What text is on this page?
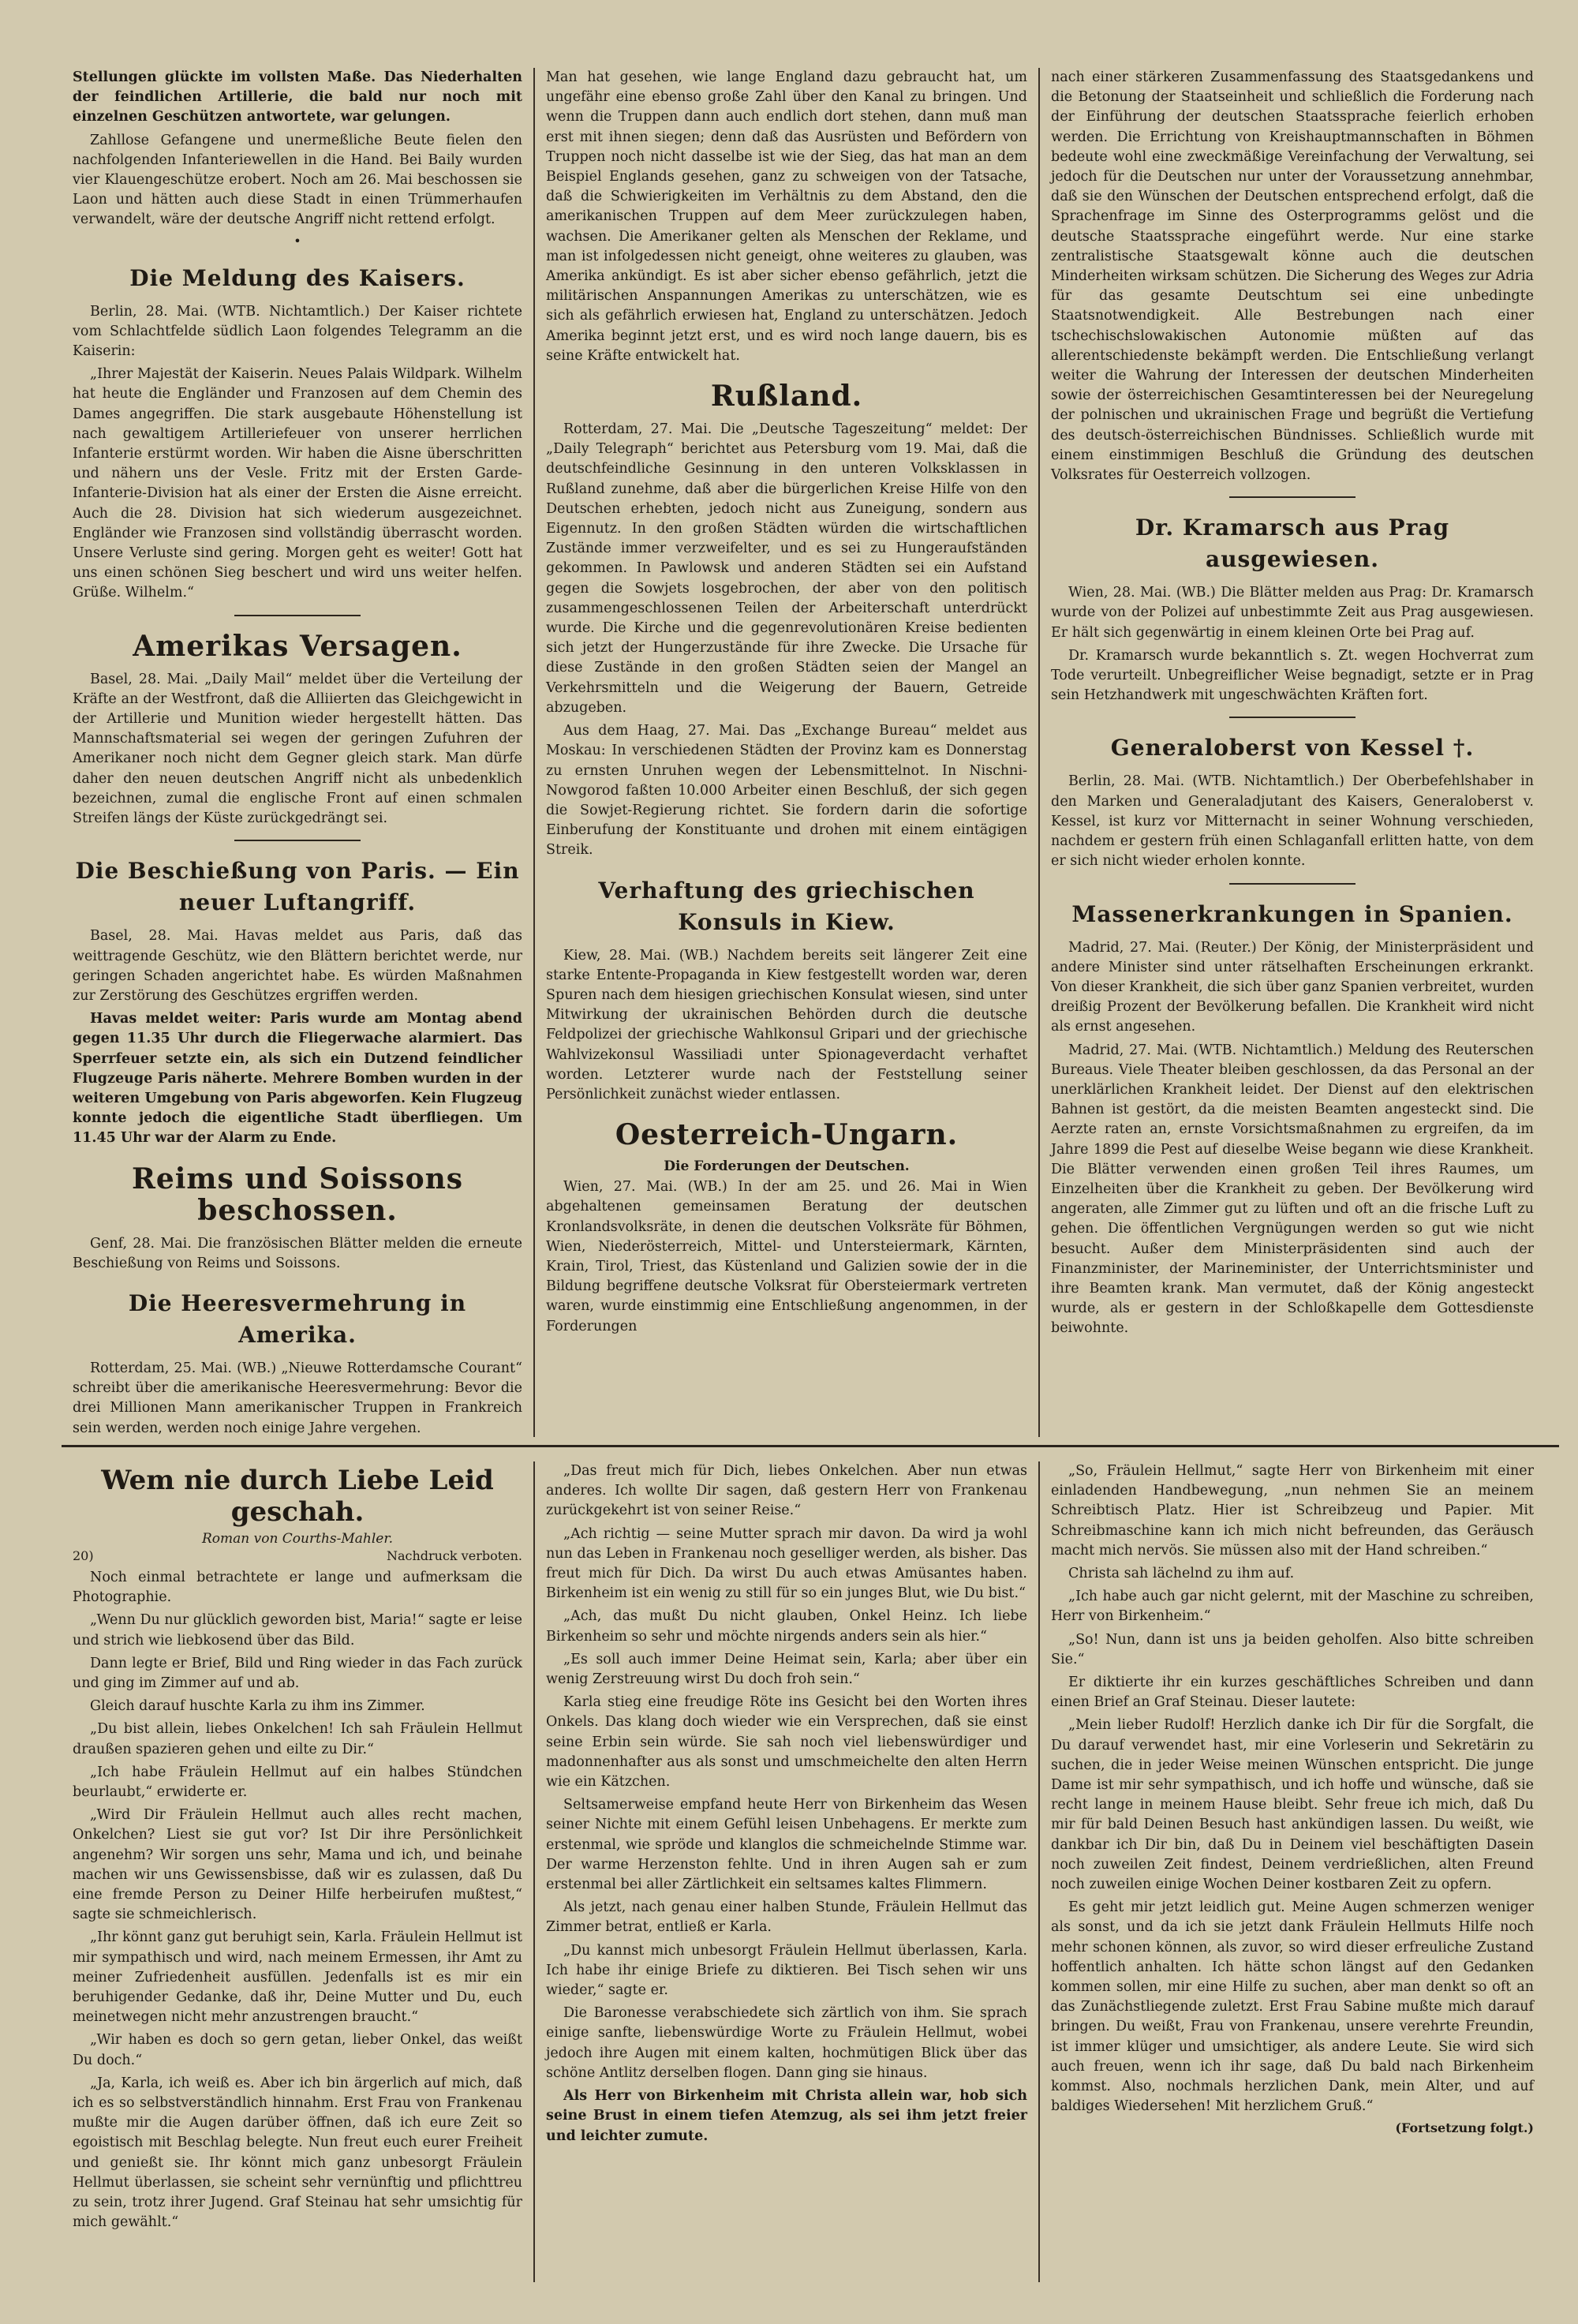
Stellungen glückte im vollsten Maße. Das Niederhalten der feindlichen Artillerie, die bald nur noch mit einzelnen Geschützen antwortete, war gelungen.

Zahllose Gefangene und unermeßliche Beute fielen den nachfolgenden Infanteriewellen in die Hand. Bei Baily wurden vier Klauengeschütze erobert. Noch am 26. Mai beschossen sie Laon und hätten auch diese Stadt in einen Trümmerhaufen verwandelt, wäre der deutsche Angriff nicht rettend erfolgt.

•
Die Meldung des Kaisers.

Berlin, 28. Mai. (WTB. Nichtamtlich.) Der Kaiser richtete vom Schlachtfelde südlich Laon folgendes Telegramm an die Kaiserin:

„Ihrer Majestät der Kaiserin. Neues Palais Wildpark. Wilhelm hat heute die Engländer und Franzosen auf dem Chemin des Dames angegriffen. Die stark ausgebaute Höhenstellung ist nach gewaltigem Artilleriefeuer von unserer herrlichen Infanterie erstürmt worden. Wir haben die Aisne überschritten und nähern uns der Vesle. Fritz mit der Ersten Garde-Infanterie-Division hat als einer der Ersten die Aisne erreicht. Auch die 28. Division hat sich wiederum ausgezeichnet. Engländer wie Franzosen sind vollständig überrascht worden. Unsere Verluste sind gering. Morgen geht es weiter! Gott hat uns einen schönen Sieg beschert und wird uns weiter helfen. Grüße. Wilhelm.“

Amerikas Versagen.

Basel, 28. Mai. „Daily Mail“ meldet über die Verteilung der Kräfte an der Westfront, daß die Alliierten das Gleichgewicht in der Artillerie und Munition wieder hergestellt hätten. Das Mannschaftsmaterial sei wegen der geringen Zufuhren der Amerikaner noch nicht dem Gegner gleich stark. Man dürfe daher den neuen deutschen Angriff nicht als unbedenklich bezeichnen, zumal die englische Front auf einen schmalen Streifen längs der Küste zurückgedrängt sei.

Die Beschießung von Paris. — Ein neuer Luftangriff.

Basel, 28. Mai. Havas meldet aus Paris, daß das weittragende Geschütz, wie den Blättern berichtet werde, nur geringen Schaden angerichtet habe. Es würden Maßnahmen zur Zerstörung des Geschützes ergriffen werden.

Havas meldet weiter: Paris wurde am Montag abend gegen 11.35 Uhr durch die Fliegerwache alarmiert. Das Sperrfeuer setzte ein, als sich ein Dutzend feindlicher Flugzeuge Paris näherte. Mehrere Bomben wurden in der weiteren Umgebung von Paris abgeworfen. Kein Flugzeug konnte jedoch die eigentliche Stadt überfliegen. Um 11.45 Uhr war der Alarm zu Ende.

Reims und Soissons beschossen.

Genf, 28. Mai. Die französischen Blätter melden die erneute Beschießung von Reims und Soissons.

Die Heeresvermehrung in Amerika.

Rotterdam, 25. Mai. (WB.) „Nieuwe Rotterdamsche Courant“ schreibt über die amerikanische Heeresvermehrung: Bevor die drei Millionen Mann amerikanischer Truppen in Frankreich sein werden, werden noch einige Jahre vergehen.

Man hat gesehen, wie lange England dazu gebraucht hat, um ungefähr eine ebenso große Zahl über den Kanal zu bringen. Und wenn die Truppen dann auch endlich dort stehen, dann muß man erst mit ihnen siegen; denn daß das Ausrüsten und Befördern von Truppen noch nicht dasselbe ist wie der Sieg, das hat man an dem Beispiel Englands gesehen, ganz zu schweigen von der Tatsache, daß die Schwierigkeiten im Verhältnis zu dem Abstand, den die amerikanischen Truppen auf dem Meer zurückzulegen haben, wachsen. Die Amerikaner gelten als Menschen der Reklame, und man ist infolgedessen nicht geneigt, ohne weiteres zu glauben, was Amerika ankündigt. Es ist aber sicher ebenso gefährlich, jetzt die militärischen Anspannungen Amerikas zu unterschätzen, wie es sich als gefährlich erwiesen hat, England zu unterschätzen. Jedoch Amerika beginnt jetzt erst, und es wird noch lange dauern, bis es seine Kräfte entwickelt hat.

Rußland.

Rotterdam, 27. Mai. Die „Deutsche Tageszeitung“ meldet: Der „Daily Telegraph“ berichtet aus Petersburg vom 19. Mai, daß die deutschfeindliche Gesinnung in den unteren Volksklassen in Rußland zunehme, daß aber die bürgerlichen Kreise Hilfe von den Deutschen erhebten, jedoch nicht aus Zuneigung, sondern aus Eigennutz. In den großen Städten würden die wirtschaftlichen Zustände immer verzweifelter, und es sei zu Hungeraufständen gekommen. In Pawlowsk und anderen Städten sei ein Aufstand gegen die Sowjets losgebrochen, der aber von den politisch zusammengeschlossenen Teilen der Arbeiterschaft unterdrückt wurde. Die Kirche und die gegenrevolutionären Kreise bedienten sich jetzt der Hungerzustände für ihre Zwecke. Die Ursache für diese Zustände in den großen Städten seien der Mangel an Verkehrsmitteln und die Weigerung der Bauern, Getreide abzugeben.

Aus dem Haag, 27. Mai. Das „Exchange Bureau“ meldet aus Moskau: In verschiedenen Städten der Provinz kam es Donnerstag zu ernsten Unruhen wegen der Lebensmittelnot. In Nischni-Nowgorod faßten 10.000 Arbeiter einen Beschluß, der sich gegen die Sowjet-Regierung richtet. Sie fordern darin die sofortige Einberufung der Konstituante und drohen mit einem eintägigen Streik.

Verhaftung des griechischen Konsuls in Kiew.

Kiew, 28. Mai. (WB.) Nachdem bereits seit längerer Zeit eine starke Entente-Propaganda in Kiew festgestellt worden war, deren Spuren nach dem hiesigen griechischen Konsulat wiesen, sind unter Mitwirkung der ukrainischen Behörden durch die deutsche Feldpolizei der griechische Wahlkonsul Gripari und der griechische Wahlvizekonsul Wassiliadi unter Spionageverdacht verhaftet worden. Letzterer wurde nach der Feststellung seiner Persönlichkeit zunächst wieder entlassen.

Oesterreich-Ungarn.
Die Forderungen der Deutschen.

Wien, 27. Mai. (WB.) In der am 25. und 26. Mai in Wien abgehaltenen gemeinsamen Beratung der deutschen Kronlandsvolksräte, in denen die deutschen Volksräte für Böhmen, Wien, Niederösterreich, Mittel- und Untersteiermark, Kärnten, Krain, Tirol, Triest, das Küstenland und Galizien sowie der in die Bildung begriffene deutsche Volksrat für Obersteiermark vertreten waren, wurde einstimmig eine Entschließung angenommen, in der Forderungen

nach einer stärkeren Zusammenfassung des Staatsgedankens und die Betonung der Staatseinheit und schließlich die Forderung nach der Einführung der deutschen Staatssprache feierlich erhoben werden. Die Errichtung von Kreishauptmannschaften in Böhmen bedeute wohl eine zweckmäßige Vereinfachung der Verwaltung, sei jedoch für die Deutschen nur unter der Voraussetzung annehmbar, daß sie den Wünschen der Deutschen entsprechend erfolgt, daß die Sprachenfrage im Sinne des Osterprogramms gelöst und die deutsche Staatssprache eingeführt werde. Nur eine starke zentralistische Staatsgewalt könne auch die deutschen Minderheiten wirksam schützen. Die Sicherung des Weges zur Adria für das gesamte Deutschtum sei eine unbedingte Staatsnotwendigkeit. Alle Bestrebungen nach einer tschechischslowakischen Autonomie müßten auf das allerentschiedenste bekämpft werden. Die Entschließung verlangt weiter die Wahrung der Interessen der deutschen Minderheiten sowie der österreichischen Gesamtinteressen bei der Neuregelung der polnischen und ukrainischen Frage und begrüßt die Vertiefung des deutsch-österreichischen Bündnisses. Schließlich wurde mit einem einstimmigen Beschluß die Gründung des deutschen Volksrates für Oesterreich vollzogen.

Dr. Kramarsch aus Prag ausgewiesen.

Wien, 28. Mai. (WB.) Die Blätter melden aus Prag: Dr. Kramarsch wurde von der Polizei auf unbestimmte Zeit aus Prag ausgewiesen. Er hält sich gegenwärtig in einem kleinen Orte bei Prag auf.

Dr. Kramarsch wurde bekanntlich s. Zt. wegen Hochverrat zum Tode verurteilt. Unbegreiflicher Weise begnadigt, setzte er in Prag sein Hetzhandwerk mit ungeschwächten Kräften fort.

Generaloberst von Kessel †.

Berlin, 28. Mai. (WTB. Nichtamtlich.) Der Oberbefehlshaber in den Marken und Generaladjutant des Kaisers, Generaloberst v. Kessel, ist kurz vor Mitternacht in seiner Wohnung verschieden, nachdem er gestern früh einen Schlaganfall erlitten hatte, von dem er sich nicht wieder erholen konnte.

Massenerkrankungen in Spanien.

Madrid, 27. Mai. (Reuter.) Der König, der Ministerpräsident und andere Minister sind unter rätselhaften Erscheinungen erkrankt. Von dieser Krankheit, die sich über ganz Spanien verbreitet, wurden dreißig Prozent der Bevölkerung befallen. Die Krankheit wird nicht als ernst angesehen.

Madrid, 27. Mai. (WTB. Nichtamtlich.) Meldung des Reuterschen Bureaus. Viele Theater bleiben geschlossen, da das Personal an der unerklärlichen Krankheit leidet. Der Dienst auf den elektrischen Bahnen ist gestört, da die meisten Beamten angesteckt sind. Die Aerzte raten an, ernste Vorsichtsmaßnahmen zu ergreifen, da im Jahre 1899 die Pest auf dieselbe Weise begann wie diese Krankheit. Die Blätter verwenden einen großen Teil ihres Raumes, um Einzelheiten über die Krankheit zu geben. Der Bevölkerung wird angeraten, alle Zimmer gut zu lüften und oft an die frische Luft zu gehen. Die öffentlichen Vergnügungen werden so gut wie nicht besucht. Außer dem Ministerpräsidenten sind auch der Finanzminister, der Marineminister, der Unterrichtsminister und ihre Beamten krank. Man vermutet, daß der König angesteckt wurde, als er gestern in der Schloßkapelle dem Gottesdienste beiwohnte.

Wem nie durch Liebe Leid geschah.
Roman von Courths-Mahler.
20)	Nachdruck verboten.

Noch einmal betrachtete er lange und aufmerksam die Photographie.

„Wenn Du nur glücklich geworden bist, Maria!“ sagte er leise und strich wie liebkosend über das Bild.

Dann legte er Brief, Bild und Ring wieder in das Fach zurück und ging im Zimmer auf und ab.

Gleich darauf huschte Karla zu ihm ins Zimmer.

„Du bist allein, liebes Onkelchen! Ich sah Fräulein Hellmut draußen spazieren gehen und eilte zu Dir.“

„Ich habe Fräulein Hellmut auf ein halbes Stündchen beurlaubt,“ erwiderte er.

„Wird Dir Fräulein Hellmut auch alles recht machen, Onkelchen? Liest sie gut vor? Ist Dir ihre Persönlichkeit angenehm? Wir sorgen uns sehr, Mama und ich, und beinahe machen wir uns Gewissensbisse, daß wir es zulassen, daß Du eine fremde Person zu Deiner Hilfe herbeirufen mußtest,“ sagte sie schmeichlerisch.

„Ihr könnt ganz gut beruhigt sein, Karla. Fräulein Hellmut ist mir sympathisch und wird, nach meinem Ermessen, ihr Amt zu meiner Zufriedenheit ausfüllen. Jedenfalls ist es mir ein beruhigender Gedanke, daß ihr, Deine Mutter und Du, euch meinetwegen nicht mehr anzustrengen braucht.“

„Wir haben es doch so gern getan, lieber Onkel, das weißt Du doch.“

„Ja, Karla, ich weiß es. Aber ich bin ärgerlich auf mich, daß ich es so selbstverständlich hinnahm. Erst Frau von Frankenau mußte mir die Augen darüber öffnen, daß ich eure Zeit so egoistisch mit Beschlag belegte. Nun freut euch eurer Freiheit und genießt sie. Ihr könnt mich ganz unbesorgt Fräulein Hellmut überlassen, sie scheint sehr vernünftig und pflichttreu zu sein, trotz ihrer Jugend. Graf Steinau hat sehr umsichtig für mich gewählt.“

„Das freut mich für Dich, liebes Onkelchen. Aber nun etwas anderes. Ich wollte Dir sagen, daß gestern Herr von Frankenau zurückgekehrt ist von seiner Reise.“

„Ach richtig — seine Mutter sprach mir davon. Da wird ja wohl nun das Leben in Frankenau noch geselliger werden, als bisher. Das freut mich für Dich. Da wirst Du auch etwas Amüsantes haben. Birkenheim ist ein wenig zu still für so ein junges Blut, wie Du bist.“

„Ach, das mußt Du nicht glauben, Onkel Heinz. Ich liebe Birkenheim so sehr und möchte nirgends anders sein als hier.“

„Es soll auch immer Deine Heimat sein, Karla; aber über ein wenig Zerstreuung wirst Du doch froh sein.“

Karla stieg eine freudige Röte ins Gesicht bei den Worten ihres Onkels. Das klang doch wieder wie ein Versprechen, daß sie einst seine Erbin sein würde. Sie sah noch viel liebenswürdiger und madonnenhafter aus als sonst und umschmeichelte den alten Herrn wie ein Kätzchen.

Seltsamerweise empfand heute Herr von Birkenheim das Wesen seiner Nichte mit einem Gefühl leisen Unbehagens. Er merkte zum erstenmal, wie spröde und klanglos die schmeichelnde Stimme war. Der warme Herzenston fehlte. Und in ihren Augen sah er zum erstenmal bei aller Zärtlichkeit ein seltsames kaltes Flimmern.

Als jetzt, nach genau einer halben Stunde, Fräulein Hellmut das Zimmer betrat, entließ er Karla.

„Du kannst mich unbesorgt Fräulein Hellmut überlassen, Karla. Ich habe ihr einige Briefe zu diktieren. Bei Tisch sehen wir uns wieder,“ sagte er.

Die Baronesse verabschiedete sich zärtlich von ihm. Sie sprach einige sanfte, liebenswürdige Worte zu Fräulein Hellmut, wobei jedoch ihre Augen mit einem kalten, hochmütigen Blick über das schöne Antlitz derselben flogen. Dann ging sie hinaus.

Als Herr von Birkenheim mit Christa allein war, hob sich seine Brust in einem tiefen Atemzug, als sei ihm jetzt freier und leichter zumute.

„So, Fräulein Hellmut,“ sagte Herr von Birkenheim mit einer einladenden Handbewegung, „nun nehmen Sie an meinem Schreibtisch Platz. Hier ist Schreibzeug und Papier. Mit Schreibmaschine kann ich mich nicht befreunden, das Geräusch macht mich nervös. Sie müssen also mit der Hand schreiben.“

Christa sah lächelnd zu ihm auf.

„Ich habe auch gar nicht gelernt, mit der Maschine zu schreiben, Herr von Birkenheim.“

„So! Nun, dann ist uns ja beiden geholfen. Also bitte schreiben Sie.“

Er diktierte ihr ein kurzes geschäftliches Schreiben und dann einen Brief an Graf Steinau. Dieser lautete:

„Mein lieber Rudolf! Herzlich danke ich Dir für die Sorgfalt, die Du darauf verwendet hast, mir eine Vorleserin und Sekretärin zu suchen, die in jeder Weise meinen Wünschen entspricht. Die junge Dame ist mir sehr sympathisch, und ich hoffe und wünsche, daß sie recht lange in meinem Hause bleibt. Sehr freue ich mich, daß Du mir für bald Deinen Besuch hast ankündigen lassen. Du weißt, wie dankbar ich Dir bin, daß Du in Deinem viel beschäftigten Dasein noch zuweilen Zeit findest, Deinem verdrießlichen, alten Freund noch zuweilen einige Wochen Deiner kostbaren Zeit zu opfern.

Es geht mir jetzt leidlich gut. Meine Augen schmerzen weniger als sonst, und da ich sie jetzt dank Fräulein Hellmuts Hilfe noch mehr schonen können, als zuvor, so wird dieser erfreuliche Zustand hoffentlich anhalten. Ich hätte schon längst auf den Gedanken kommen sollen, mir eine Hilfe zu suchen, aber man denkt so oft an das Zunächstliegende zuletzt. Erst Frau Sabine mußte mich darauf bringen. Du weißt, Frau von Frankenau, unsere verehrte Freundin, ist immer klüger und umsichtiger, als andere Leute. Sie wird sich auch freuen, wenn ich ihr sage, daß Du bald nach Birkenheim kommst. Also, nochmals herzlichen Dank, mein Alter, und auf baldiges Wiedersehen! Mit herzlichem Gruß.“

(Fortsetzung folgt.)
